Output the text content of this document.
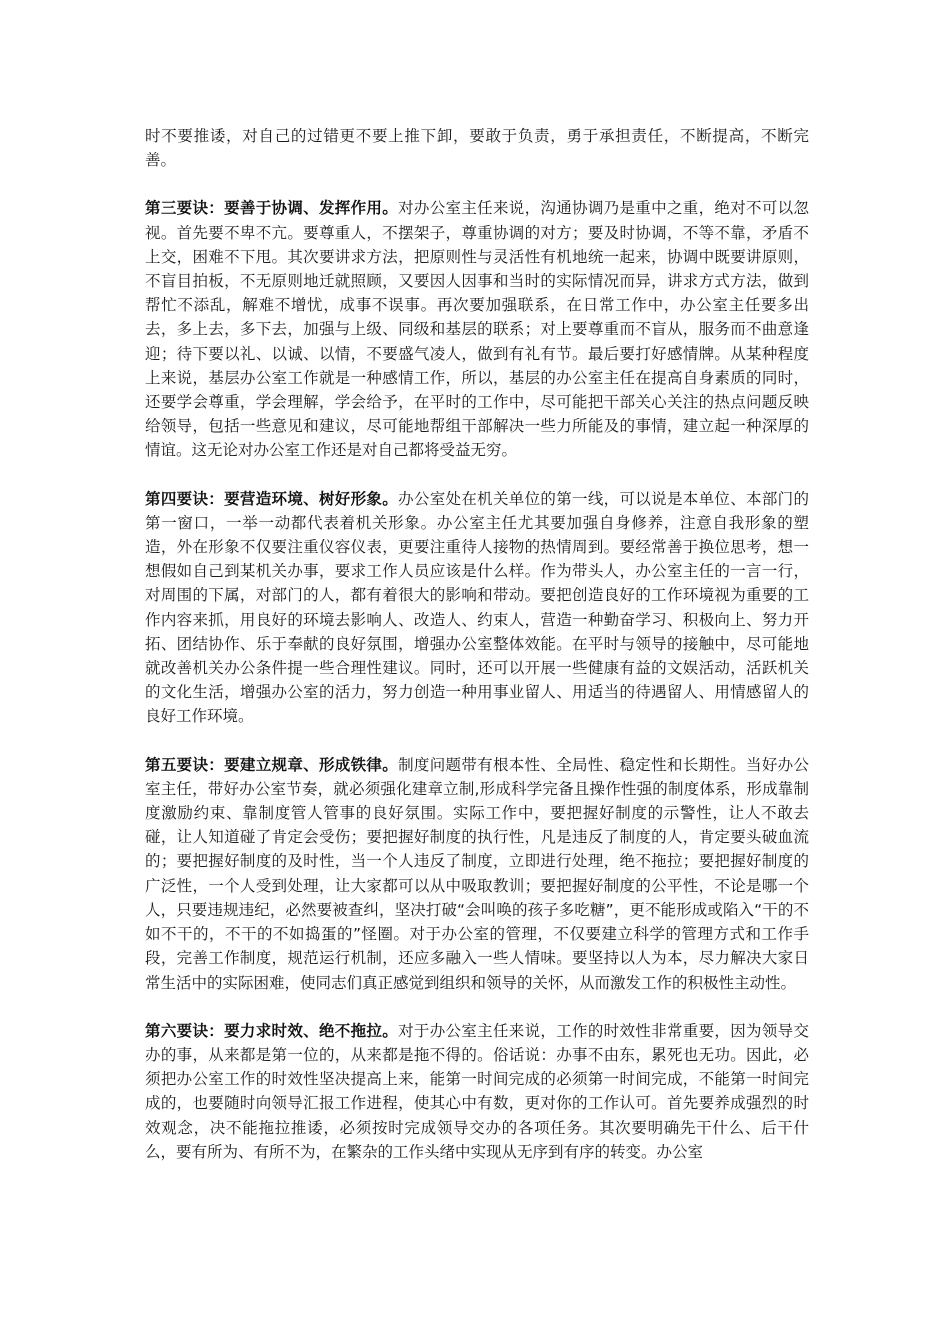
时不要推诿，对自己的过错更不要上推下卸，要敢于负责，勇于承担责任，不断提高，不断完善。

第三要诀：要善于协调、发挥作用。对办公室主任来说，沟通协调乃是重中之重，绝对不可以忽视。首先要不卑不亢。要尊重人，不摆架子，尊重协调的对方；要及时协调，不等不靠，矛盾不上交，困难不下甩。其次要讲求方法，把原则性与灵活性有机地统一起来，协调中既要讲原则，不盲目拍板，不无原则地迁就照顾，又要因人因事和当时的实际情况而异，讲求方式方法，做到帮忙不添乱，解难不增忧，成事不误事。再次要加强联系，在日常工作中，办公室主任要多出去，多上去，多下去，加强与上级、同级和基层的联系；对上要尊重而不盲从，服务而不曲意逢迎；待下要以礼、以诚、以情，不要盛气凌人，做到有礼有节。最后要打好感情牌。从某种程度上来说，基层办公室工作就是一种感情工作，所以，基层的办公室主任在提高自身素质的同时，还要学会尊重，学会理解，学会给予，在平时的工作中，尽可能把干部关心关注的热点问题反映给领导，包括一些意见和建议，尽可能地帮组干部解决一些力所能及的事情，建立起一种深厚的情谊。这无论对办公室工作还是对自己都将受益无穷。

第四要诀：要营造环境、树好形象。办公室处在机关单位的第一线，可以说是本单位、本部门的第一窗口，一举一动都代表着机关形象。办公室主任尤其要加强自身修养，注意自我形象的塑造，外在形象不仅要注重仪容仪表，更要注重待人接物的热情周到。要经常善于换位思考，想一想假如自己到某机关办事，要求工作人员应该是什么样。作为带头人，办公室主任的一言一行，对周围的下属，对部门的人，都有着很大的影响和带动。要把创造良好的工作环境视为重要的工作内容来抓，用良好的环境去影响人、改造人、约束人，营造一种勤奋学习、积极向上、努力开拓、团结协作、乐于奉献的良好氛围，增强办公室整体效能。在平时与领导的接触中，尽可能地就改善机关办公条件提一些合理性建议。同时，还可以开展一些健康有益的文娱活动，活跃机关的文化生活，增强办公室的活力，努力创造一种用事业留人、用适当的待遇留人、用情感留人的良好工作环境。

第五要诀：要建立规章、形成铁律。制度问题带有根本性、全局性、稳定性和长期性。当好办公室主任，带好办公室节奏，就必须强化建章立制,形成科学完备且操作性强的制度体系，形成靠制度激励约束、靠制度管人管事的良好氛围。实际工作中，要把握好制度的示警性，让人不敢去碰，让人知道碰了肯定会受伤；要把握好制度的执行性，凡是违反了制度的人，肯定要头破血流的；要把握好制度的及时性，当一个人违反了制度，立即进行处理，绝不拖拉；要把握好制度的广泛性，一个人受到处理，让大家都可以从中吸取教训；要把握好制度的公平性，不论是哪一个人，只要违规违纪，必然要被查纠，坚决打破“会叫唤的孩子多吃糖”，更不能形成或陷入“干的不如不干的，不干的不如捣蛋的”怪圈。对于办公室的管理，不仅要建立科学的管理方式和工作手段，完善工作制度，规范运行机制，还应多融入一些人情味。要坚持以人为本，尽力解决大家日常生活中的实际困难，使同志们真正感觉到组织和领导的关怀，从而激发工作的积极性主动性。

第六要诀：要力求时效、绝不拖拉。对于办公室主任来说，工作的时效性非常重要，因为领导交办的事，从来都是第一位的，从来都是拖不得的。俗话说：办事不由东，累死也无功。因此，必须把办公室工作的时效性坚决提高上来，能第一时间完成的必须第一时间完成，不能第一时间完成的，也要随时向领导汇报工作进程，使其心中有数，更对你的工作认可。首先要养成强烈的时效观念，决不能拖拉推诿，必须按时完成领导交办的各项任务。其次要明确先干什么、后干什么，要有所为、有所不为，在繁杂的工作头绪中实现从无序到有序的转变。办公室
